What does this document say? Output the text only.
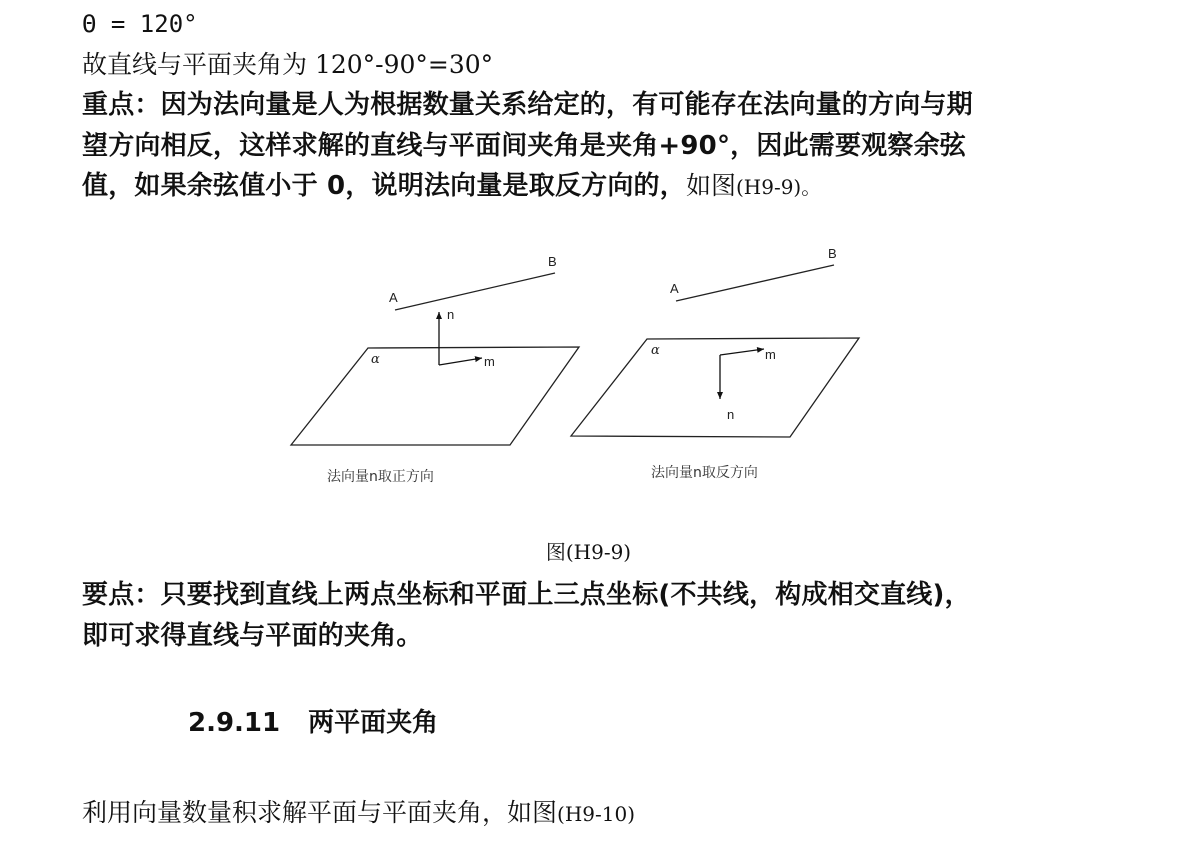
Θ = 120°
故直线与平面夹角为 120°-90°=30°
重点：因为法向量是人为根据数量关系给定的，有可能存在法向量的方向与期
望方向相反，这样求解的直线与平面间夹角是夹角+90°，因此需要观察余弦
值，如果余弦值小于 0，说明法向量是取反方向的，如图(H9-9)。
A
B
n
m
α
法向量n取正方向
A
B
n
m
α
法向量n取反方向
图(H9-9)
要点：只要找到直线上两点坐标和平面上三点坐标(不共线，构成相交直线)，
即可求得直线与平面的夹角。
2.9.11 两平面夹角
利用向量数量积求解平面与平面夹角，如图(H9-10)
